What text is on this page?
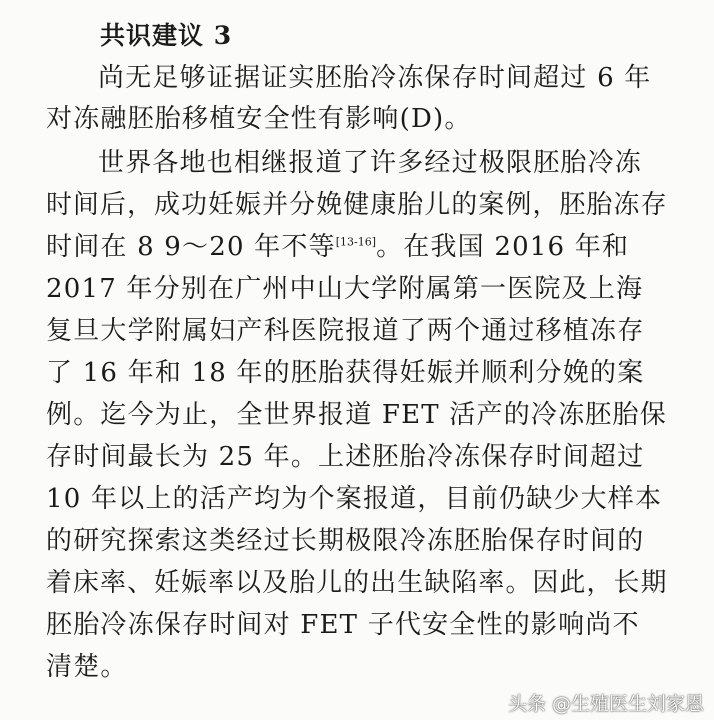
共识建议 3
尚无足够证据证实胚胎冷冻保存时间超过 6 年
对冻融胚胎移植安全性有影响(D)。
世界各地也相继报道了许多经过极限胚胎冷冻
时间后，成功妊娠并分娩健康胎儿的案例，胚胎冻存
时间在 8 9～20 年不等[13-16]。在我国 2016 年和
2017 年分别在广州中山大学附属第一医院及上海
复旦大学附属妇产科医院报道了两个通过移植冻存
了 16 年和 18 年的胚胎获得妊娠并顺利分娩的案
例。迄今为止，全世界报道 FET 活产的冷冻胚胎保
存时间最长为 25 年。上述胚胎冷冻保存时间超过
10 年以上的活产均为个案报道，目前仍缺少大样本
的研究探索这类经过长期极限冷冻胚胎保存时间的
着床率、妊娠率以及胎儿的出生缺陷率。因此，长期
胚胎冷冻保存时间对 FET 子代安全性的影响尚不
清楚。
头条 @生殖医生刘家恩
